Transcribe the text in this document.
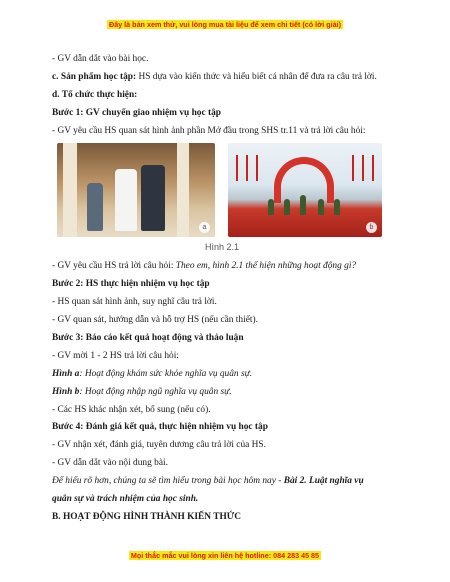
Đây là bản xem thử, vui lòng mua tài liệu để xem chi tiết (có lời giải)
- GV dẫn dắt vào bài học.
c. Sản phẩm học tập: HS dựa vào kiến thức và hiểu biết cá nhân để đưa ra câu trả lời.
d. Tổ chức thực hiện:
Bước 1: GV chuyển giao nhiệm vụ học tập
- GV yêu cầu HS quan sát hình ảnh phần Mở đầu trong SHS tr.11 và trả lời câu hỏi:
a	b
Hình 2.1
- GV yêu cầu HS trả lời câu hỏi: Theo em, hình 2.1 thể hiện những hoạt động gì?
Bước 2: HS thực hiện nhiệm vụ học tập
- HS quan sát hình ảnh, suy nghĩ câu trả lời.
- GV quan sát, hướng dẫn và hỗ trợ HS (nếu cần thiết).
Bước 3: Báo cáo kết quả hoạt động và thảo luận
- GV mời 1 - 2 HS trả lời câu hỏi:
Hình a: Hoạt động khám sức khỏe nghĩa vụ quân sự.
Hình b: Hoạt động nhập ngũ nghĩa vụ quân sự.
- Các HS khác nhận xét, bổ sung (nếu có).
Bước 4: Đánh giá kết quả, thực hiện nhiệm vụ học tập
- GV nhận xét, đánh giá, tuyên dương câu trả lời của HS.
- GV dẫn dắt vào nội dung bài.
Để hiểu rõ hơn, chúng ta sẽ tìm hiểu trong bài học hôm nay - Bài 2. Luật nghĩa vụ
quân sự và trách nhiệm của học sinh.
B. HOẠT ĐỘNG HÌNH THÀNH KIẾN THỨC
Mọi thắc mắc vui lòng xin liên hệ hotline: 084 283 45 85
